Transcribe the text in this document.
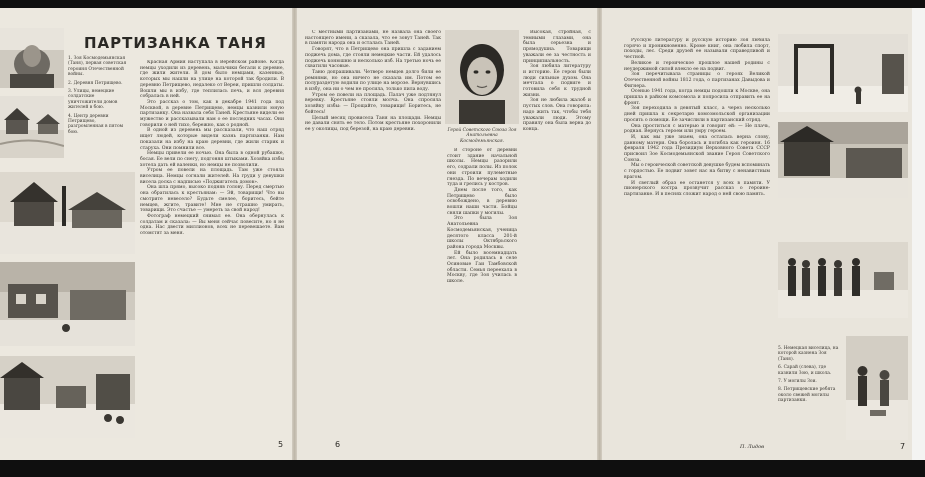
ПАРТИЗАНКА ТАНЯ
1. Зоя Космодемьянская (Таня), первая советская героиня Отечественной войны.
2. Деревня Петрищево.
3. Улицы, немецкие солдатские уничтожители домов жителей в бою.
4. Центр деревни Петрищево, разгромленная в пятом бою.

Красная Армия наступала в Верейском районе. Когда немцы уходили из деревень, мальчики бегали к деревне, где жили жители. В дом было немцами, казенные, которых мы нашли на улице на которой так бродили. В деревню Петрищево, недалеко от Вереи, пришли солдаты. Вошли мы в избу, где теплилась печь, и вся деревня собралась в ней.

Это рассказ о том, как в декабре 1941 года под Москвой, в деревне Петрищево, немцы казнили юную партизанку. Она назвала себя Таней. Крестьяне видели ее мужество и рассказывали нам о ее последних часах. Они говорили о ней тихо, бережно, как о родной.

В одной из деревень мы рассказали, что наш отряд ищет людей, которые видели казнь партизанки. Нам показали на избу на краю деревни, где жили старик и старуха. Они помнили все.

Немцы привели ее ночью. Она была в одной рубашке, босая. Ее вели по снегу, подгоняя штыками. Хозяйка избы хотела дать ей валенки, но немцы не позволили.

Утром ее повели на площадь. Там уже стояла виселица. Немцы согнали жителей. На груди у девушки висела доска с надписью «Поджигатель домов».

Она шла прямо, высоко подняв голову. Перед смертью она обратилась к крестьянам: — Эй, товарищи! Что вы смотрите невесело? Будьте смелее, боритесь, бейте немцев, жгите, травите! Мне не страшно умирать, товарищи. Это счастье — умереть за свой народ!

Фотограф немецкий снимал ее. Она обернулась к солдатам и сказала: — Вы меня сейчас повесите, но я не одна. Нас двести миллионов, всех не перевешаете. Вам отомстят за меня.

5

С местными партизанами, не назвала она своего настоящего имени, а сказала, что ее зовут Таней. Так в памяти народа она и осталась Таней.

Говорят, что в Петрищево она пришла с заданием поджечь дома, где стояли немецкие части. Ей удалось поджечь конюшню и несколько изб. На третью ночь ее схватили часовые.

Таню допрашивали. Четверо немцев долго били ее ремнями, но она ничего не сказала им. Потом ее полураздетую водили по улице на морозе. Вернувшись в избу, она ни о чем не просила, только пила воду.

Утром ее повели на площадь. Палач уже подтянул веревку. Крестьяне стояли молча. Она спросила хозяйку избы: — Прощайте, товарищи! Боритесь, не бойтесь!

Целый месяц провисела Таня на площади. Немцы не давали снять ее тело. Потом крестьяне похоронили ее у околицы, под березой, на краю деревни.	Герой Советского Союза Зоя Анатольевна Космодемьянская.

В стороне от деревни стоит здание начальной школы. Немцы разорили его, содрали полы. Из полок они строили пулеметные гнезда. По вечерам ходили туда и грелись у костров.

Днем после того, как Петрищево было освобождено, в деревню вошли наши части. Бойцы сняли шапки у могилы.

Это была Зоя Анатольевна Космодемьянская, ученица десятого класса 201-й школы Октябрьского района города Москвы.

Ей было восемнадцать лет. Она родилась в селе Осиновые Гаи Тамбовской области. Семья переехала в Москву, где Зоя училась в школе.

Высокая, стройная, с темными глазами, она была серьезна и прямодушна. Товарищи уважали ее за честность и принципиальность.

Зоя любила литературу и историю. Ее герои были люди сильные духом. Она мечтала о подвиге и готовила себя к трудной жизни.

Зоя не любила жалоб и пустых слов. Она говорила: надо жить так, чтобы тебя уважали люди. Этому правилу она была верна до конца.

6

Русскую литературу и русскую историю Зоя любила горячо и проникновенно. Кроме книг, она любила спорт, походы, лес. Среди друзей ее называли справедливой и честной.

Великое и героическое прошлое нашей родины с неудержимой силой влекло ее на подвиг.

Зоя перечитывала страницы о героях Великой Отечественной войны 1812 года, о партизанах Давыдова и Фигнера.

Осенью 1941 года, когда немцы подошли к Москве, она пришла в райком комсомола и попросила отправить ее на фронт.

Зоя переходила в девятый класс, а через несколько дней пришла к секретарю комсомольской организации просить о помощи. Ее зачислили в партизанский отряд.

Она проститься с матерью и говорит ей: — Не плачь, родная. Вернусь героем или умру героем.

И, как мы уже знаем, она осталась верна слову, данному матери. Она боролась и погибла как героиня. 16 февраля 1942 года Президиум Верховного Совета СССР присвоил Зое Космодемьянской звание Героя Советского Союза.

Мы о героической советской девушке будем вспоминать с гордостью. Ее подвиг зовет нас на битву с ненавистным врагом.

И светлый образ ее останется у всех в памяти. У пионерского костра прозвучит рассказ о героине-партизанке. И в песнях сложит народ о ней свою память.

П. Лидов
5. Немецкая виселица, на которой казнена Зоя (Таня).
6. Сарай (слева), где казнили Зою, и школа.
7. У могилы Зои.
8. Петрищевские ребята около свежей могилы партизанки.
7
